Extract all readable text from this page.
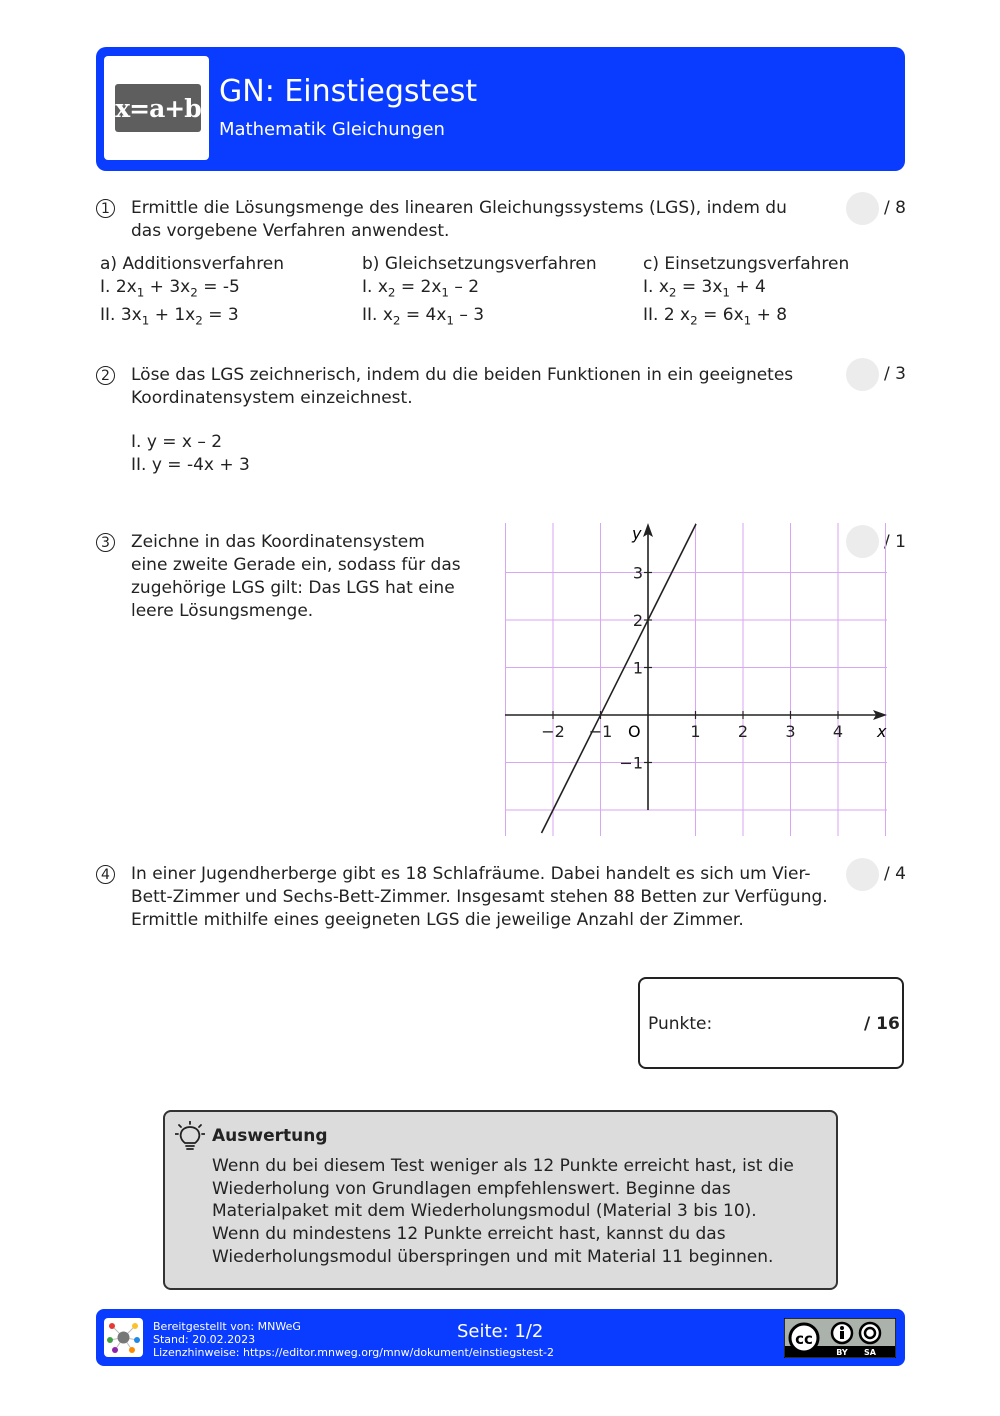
x=a+b GN: Einstiegstest
Mathematik Gleichungen
1 Ermittle die Lösungsmenge des linearen Gleichungssystems (LGS), indem du das vorgebene Verfahren anwendest.
/ 8
a) Additionsverfahren
I. $2x_1 + 3x_2 = -5$
II. $3x_1 + 1x_2 = 3$
b) Gleichsetzungsverfahren
I. $x_2 = 2x_1 - 2$
II. $x_2 = 4x_1 - 3$
c) Einsetzungsverfahren
I. $x_2 = 3x_1 + 4$
II. 2 $x_2 = 6x_1 + 8$
2 Löse das LGS zeichnerisch, indem du die beiden Funktionen in ein geeignetes Koordinatensystem einzeichnest.
/ 3
I. y = x – 2
II. y = -4x + 3
3 Zeichne in das Koordinatensystem eine zweite Gerade ein, sodass für das zugehörige LGS gilt: Das LGS hat eine leere Lösungsmenge.
/ 1
−2 −1	1 2 3 4
−1
1
2
3
x
y
O
4 In einer Jugendherberge gibt es 18 Schlafräume. Dabei handelt es sich um Vier-Bett-Zimmer und Sechs-Bett-Zimmer. Insgesamt stehen 88 Betten zur Verfügung. Ermittle mithilfe eines geeigneten LGS die jeweilige Anzahl der Zimmer.
/ 4
Punkte:	/ 16
Auswertung
Wenn du bei diesem Test weniger als 12 Punkte erreicht hast, ist die
Wiederholung von Grundlagen empfehlenswert. Beginne das
Materialpaket mit dem Wiederholungsmodul (Material 3 bis 10).
Wenn du mindestens 12 Punkte erreicht hast, kannst du das
Wiederholungsmodul überspringen und mit Material 11 beginnen.
Bereitgestellt von: MNWeG
Stand: 20.02.2023
Lizenzhinweise: https://editor.mnweg.org/mnw/dokument/einstiegstest-2
Seite: 1/2	cc
BY SA
